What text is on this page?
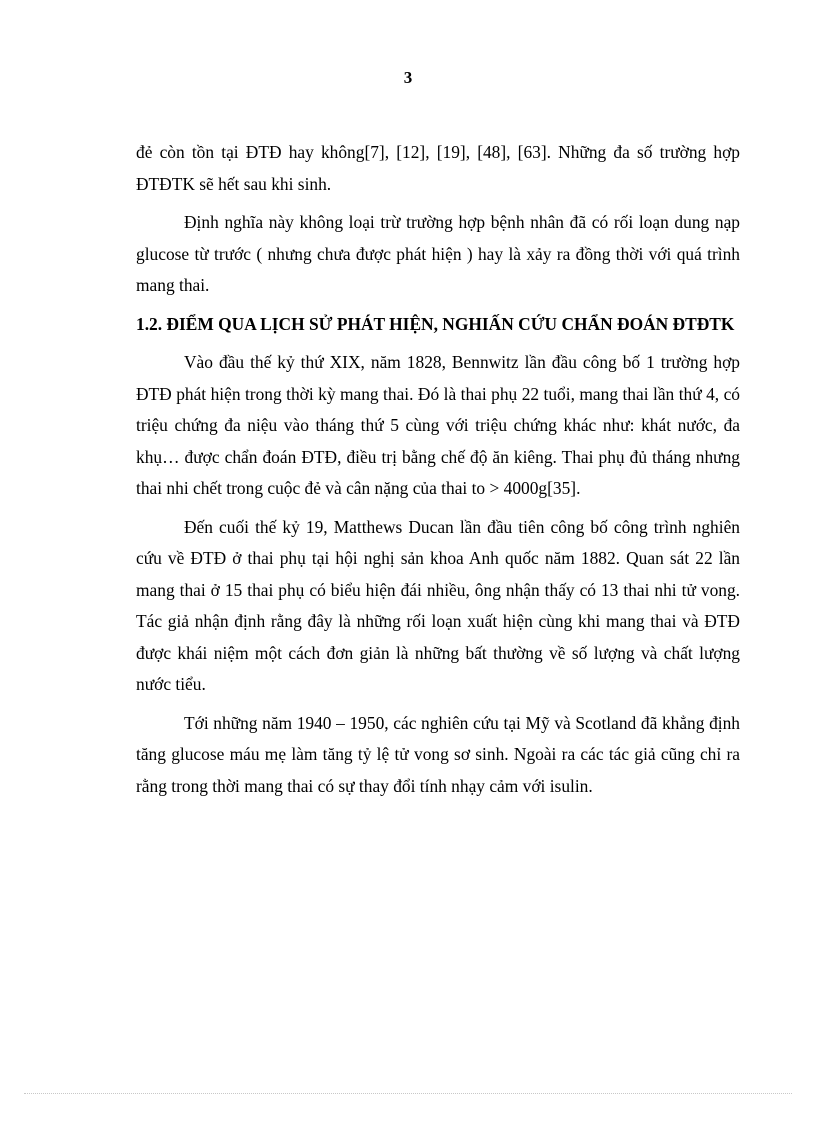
3

đẻ còn tồn tại ĐTĐ hay không[7], [12], [19], [48], [63]. Những đa số trường hợp ĐTĐTK sẽ hết sau khi sinh.

Định nghĩa này không loại trừ trường hợp bệnh nhân đã có rối loạn dung nạp glucose từ trước ( nhưng chưa được phát hiện ) hay là xảy ra đồng thời với quá trình mang thai.

1.2. ĐIỂM QUA LỊCH SỬ PHÁT HIỆN, NGHIẤN CỨU CHẨN ĐOÁN ĐTĐTK

Vào đầu thế kỷ thứ XIX, năm 1828, Bennwitz lần đầu công bố 1 trường hợp ĐTĐ phát hiện trong thời kỳ mang thai. Đó là thai phụ 22 tuổi, mang thai lần thứ 4, có triệu chứng đa niệu vào tháng thứ 5 cùng với triệu chứng khác như: khát nước, đa khụ… được chẩn đoán ĐTĐ, điều trị bằng chế độ ăn kiêng. Thai phụ đủ tháng nhưng thai nhi chết trong cuộc đẻ và cân nặng của thai to > 4000g[35].

Đến cuối thế kỷ 19, Matthews Ducan lần đầu tiên công bố công trình nghiên cứu về ĐTĐ ở thai phụ tại hội nghị sản khoa Anh quốc năm 1882. Quan sát 22 lần mang thai ở 15 thai phụ có biểu hiện đái nhiều, ông nhận thấy có 13 thai nhi tử vong. Tác giả nhận định rằng đây là những rối loạn xuất hiện cùng khi mang thai và ĐTĐ được khái niệm một cách đơn giản là những bất thường về số lượng và chất lượng nước tiểu.

Tới những năm 1940 – 1950, các nghiên cứu tại Mỹ và Scotland đã khẳng định tăng glucose máu mẹ làm tăng tỷ lệ tử vong sơ sinh. Ngoài ra các tác giả cũng chỉ ra rằng trong thời mang thai có sự thay đổi tính nhạy cảm với isulin.
